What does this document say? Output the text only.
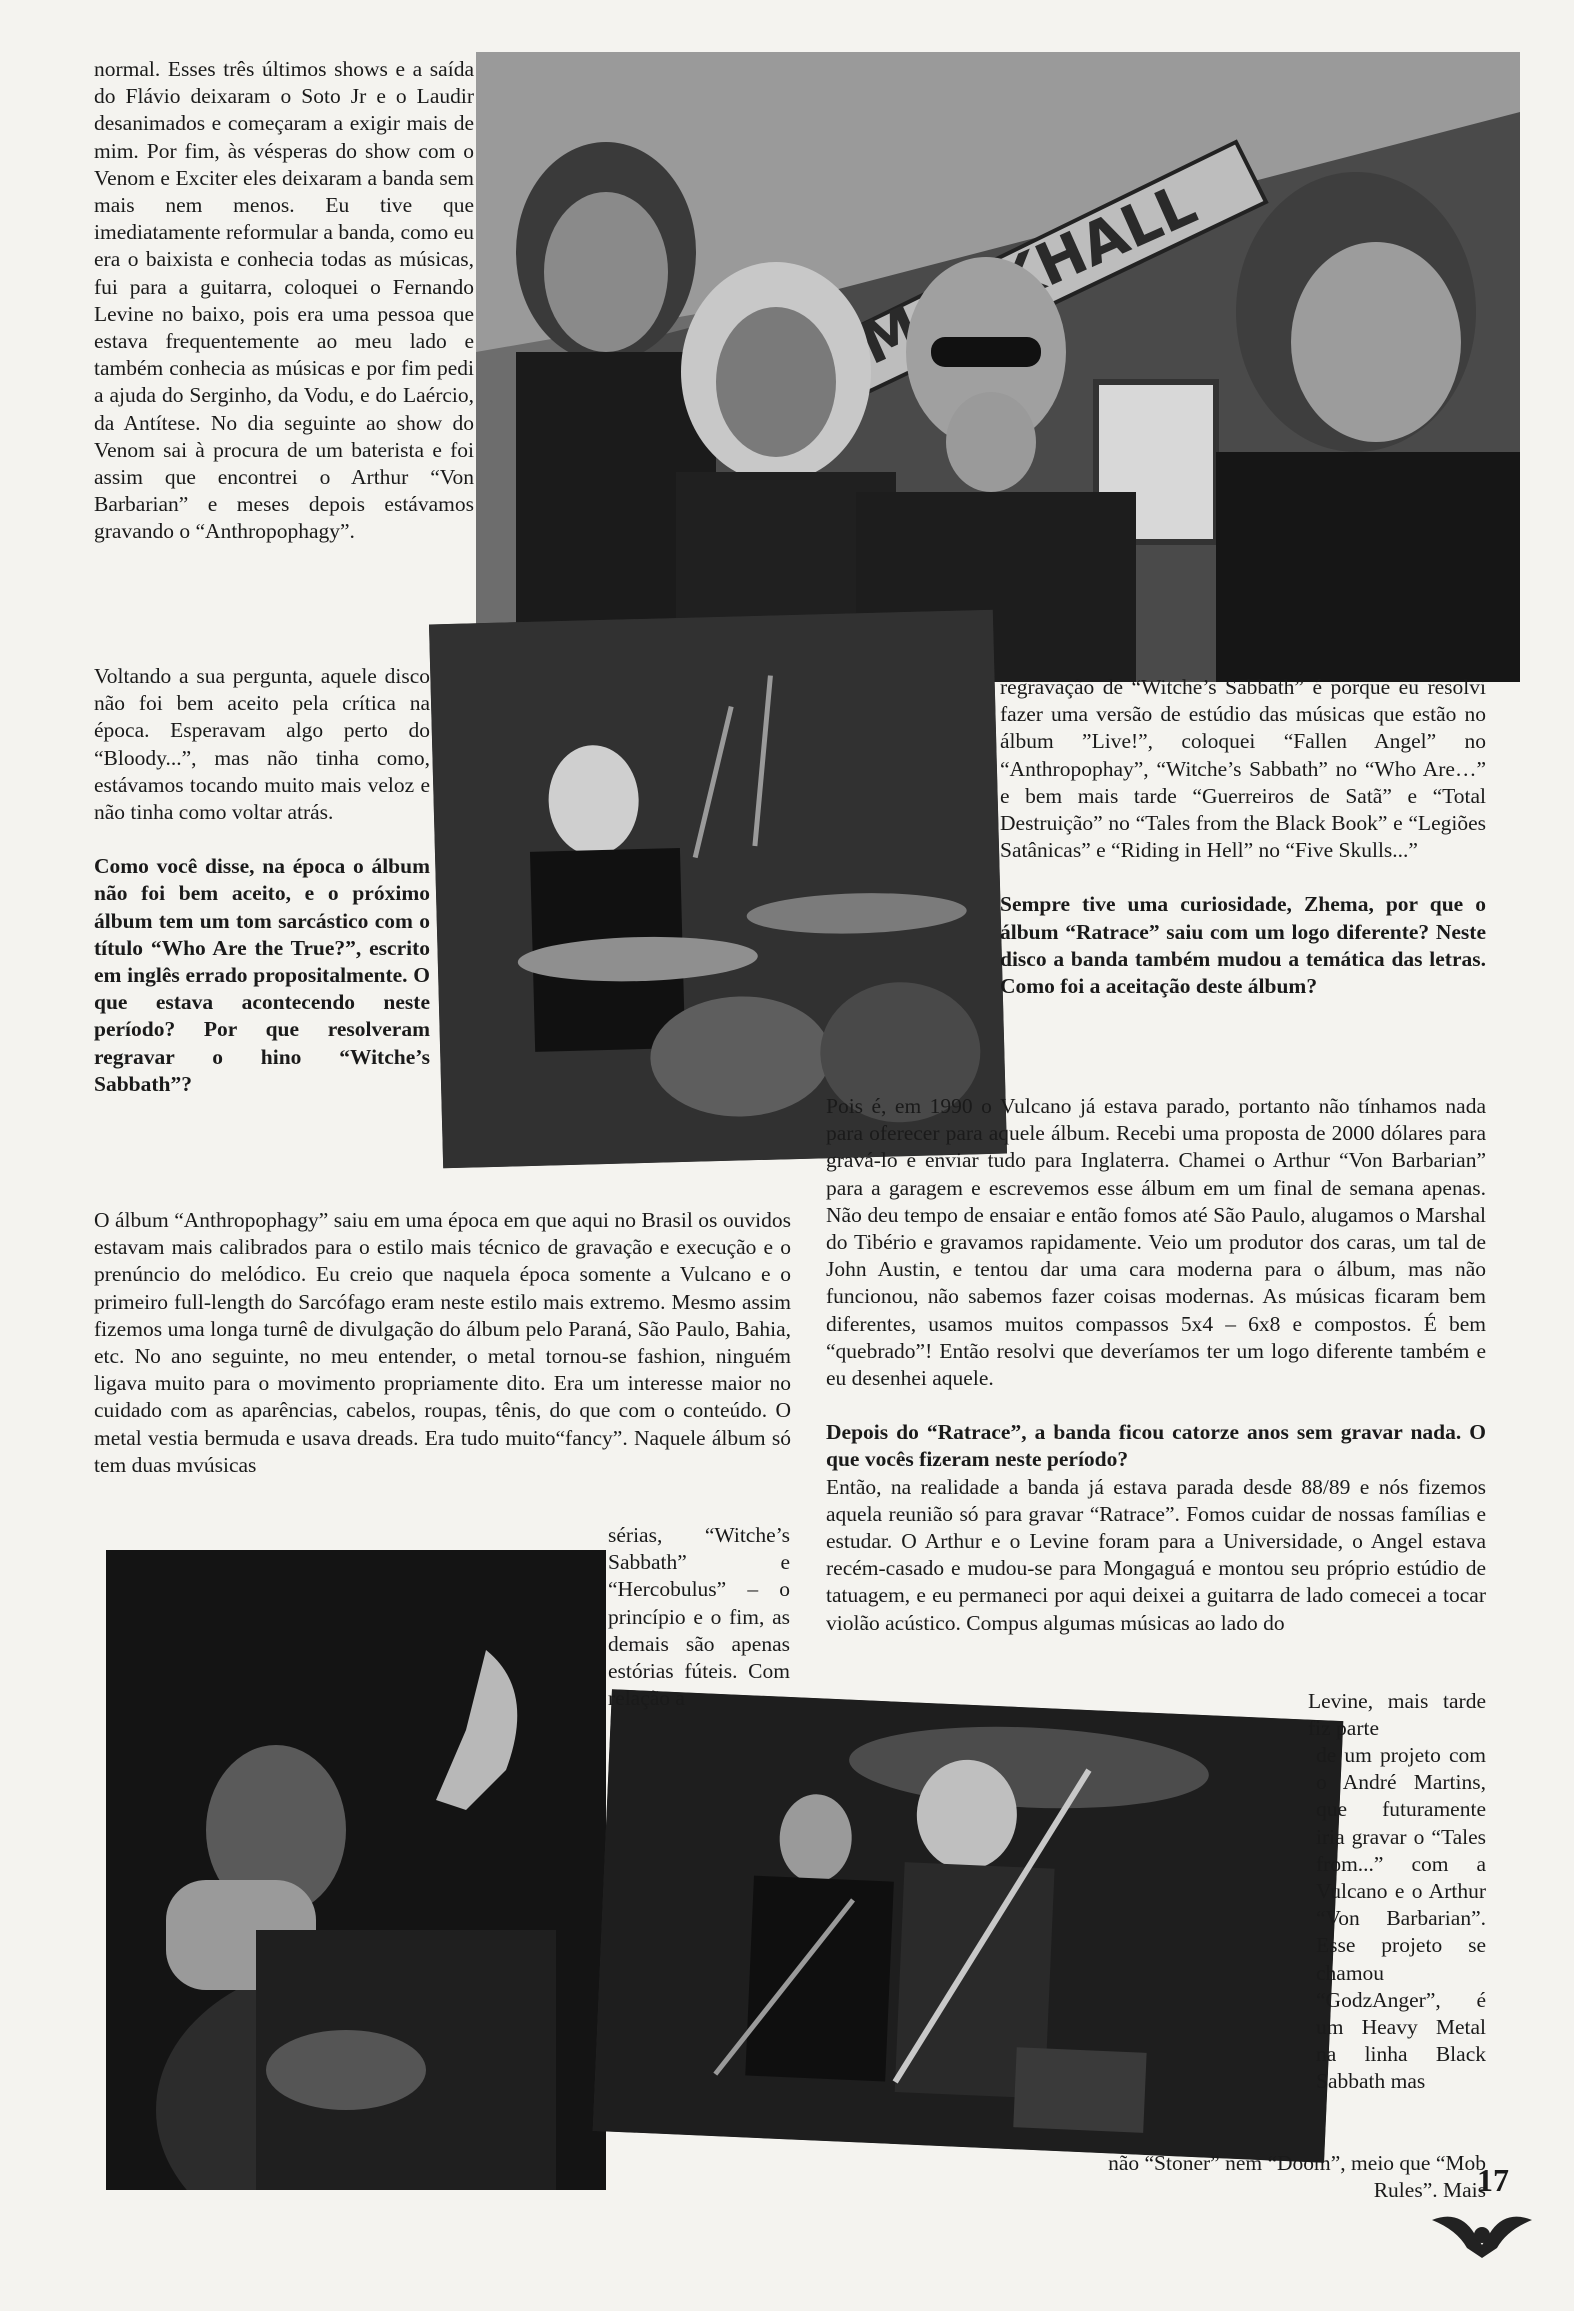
normal. Esses três últimos shows e a saída do Flávio deixaram o Soto Jr e o Laudir desanimados e começaram a exigir mais de mim. Por fim, às vésperas do show com o Venom e Exciter eles deixaram a banda sem mais nem menos. Eu tive que imediatamente reformular a banda, como eu era o baixista e conhecia todas as músicas, fui para a guitarra, coloquei o Fernando Levine no baixo, pois era uma pessoa que estava frequentemente ao meu lado e também conhecia as músicas e por fim pedi a ajuda do Serginho, da Vodu, e do Laércio, da Antítese. No dia seguinte ao show do Venom sai à procura de um baterista e foi assim que encontrei o Arthur “Von Barbarian” e meses depois estávamos gravando o “Anthropophagy”.

Voltando a sua pergunta, aquele disco não foi bem aceito pela crítica na época. Esperavam algo perto do “Bloody...”, mas não tinha como, estávamos tocando muito mais veloz e não tinha como voltar atrás.

Como você disse, na época o álbum não foi bem aceito, e o próximo álbum tem um tom sarcástico com o título “Who Are the True?”, escrito em inglês errado propositalmente. O que estava acontecendo neste período? Por que resolveram regravar o hino “Witche’s Sabbath”?

O álbum “Anthropophagy” saiu em uma época em que aqui no Brasil os ouvidos estavam mais calibrados para o estilo mais técnico de gravação e execução e o prenúncio do melódico. Eu creio que naquela época somente a Vulcano e o primeiro full-length do Sarcófago eram neste estilo mais extremo. Mesmo assim fizemos uma longa turnê de divulgação do álbum pelo Paraná, São Paulo, Bahia, etc. No ano seguinte, no meu entender, o metal tornou-se fashion, ninguém ligava muito para o movimento propriamente dito. Era um interesse maior no cuidado com as aparências, cabelos, roupas, tênis, do que com o conteúdo. O metal vestia bermuda e usava dreads. Era tudo muito“fancy”. Naquele álbum só tem duas mvúsicas

sérias, “Witche’s Sabbath” e “Hercobulus” – o princípio e o fim, as demais são apenas estórias fúteis. Com relação a

regravação de “Witche’s Sabbath” é porque eu resolvi fazer uma versão de estúdio das músicas que estão no álbum ”Live!”, coloquei “Fallen Angel” no “Anthropophay”, “Witche’s Sabbath” no “Who Are…” e bem mais tarde “Guerreiros de Satã” e “Total Destruição” no “Tales from the Black Book” e “Legiões Satânicas” e “Riding in Hell” no “Five Skulls...”

Sempre tive uma curiosidade, Zhema, por que o álbum “Ratrace” saiu com um logo diferente? Neste disco a banda também mudou a temática das letras. Como foi a aceitação deste álbum?

Pois é, em 1990 o Vulcano já estava parado, portanto não tínhamos nada para oferecer para aquele álbum. Recebi uma proposta de 2000 dólares para gravá-lo e enviar tudo para Inglaterra. Chamei o Arthur “Von Barbarian” para a garagem e escrevemos esse álbum em um final de semana apenas. Não deu tempo de ensaiar e então fomos até São Paulo, alugamos o Marshal do Tibério e gravamos rapidamente. Veio um produtor dos caras, um tal de John Austin, e tentou dar uma cara moderna para o álbum, mas não funcionou, não sabemos fazer coisas modernas. As músicas ficaram bem diferentes, usamos muitos compassos 5x4 – 6x8 e compostos. É bem “quebrado”! Então resolvi que deveríamos ter um logo diferente também e eu desenhei aquele.

Depois do “Ratrace”, a banda ficou catorze anos sem gravar nada. O que vocês fizeram neste período?

Então, na realidade a banda já estava parada desde 88/89 e nós fizemos aquela reunião só para gravar “Ratrace”. Fomos cuidar de nossas famílias e estudar. O Arthur e o Levine foram para a Universidade, o Angel estava recém-casado e mudou-se para Mongaguá e montou seu próprio estúdio de tatuagem, e eu permaneci por aqui deixei a guitarra de lado comecei a tocar violão acústico. Compus algumas músicas ao lado do

Levine, mais tarde fiz parte

de um projeto com o André Martins, que futuramente iria gravar o “Tales from...” com a Vulcano e o Arthur “Von Barbarian”. Esse projeto se chamou “GodzAnger”, é um Heavy Metal na linha Black Sabbath mas

não “Stoner” nem “Doom”, meio que “Mob Rules”. Mais

17
